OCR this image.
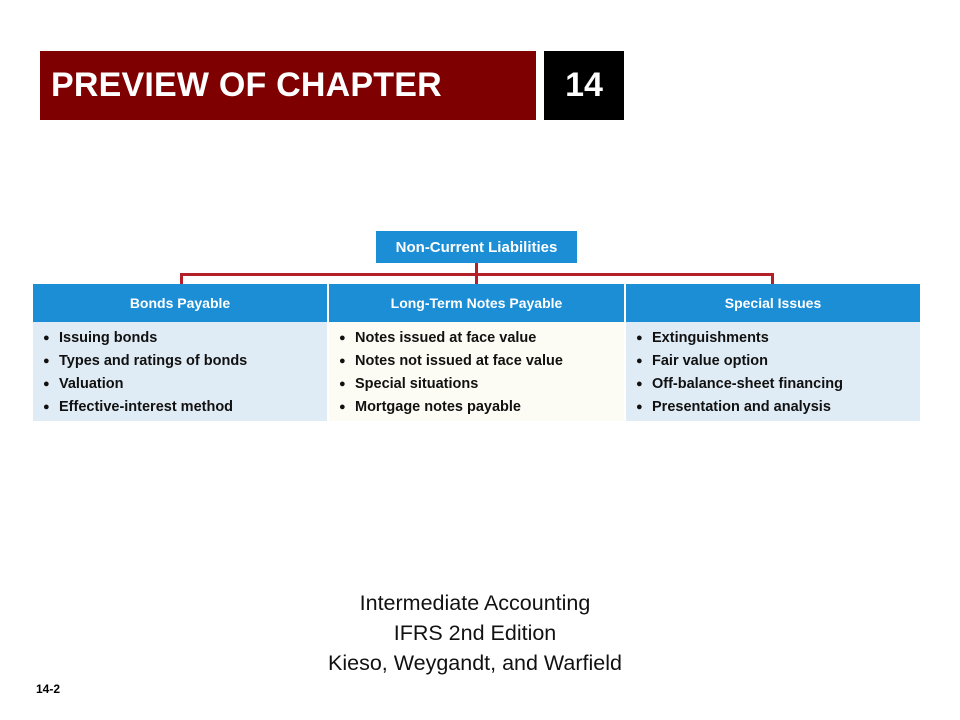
PREVIEW OF CHAPTER	14
Non-Current Liabilities
Bonds Payable
● Issuing bonds
● Types and ratings of bonds
● Valuation
● Effective-interest method
Long-Term Notes Payable
● Notes issued at face value
● Notes not issued at face value
● Special situations
● Mortgage notes payable
Special Issues
● Extinguishments
● Fair value option
● Off-balance-sheet financing
● Presentation and analysis
Intermediate Accounting
IFRS 2nd Edition
Kieso, Weygandt, and Warfield
14-2
